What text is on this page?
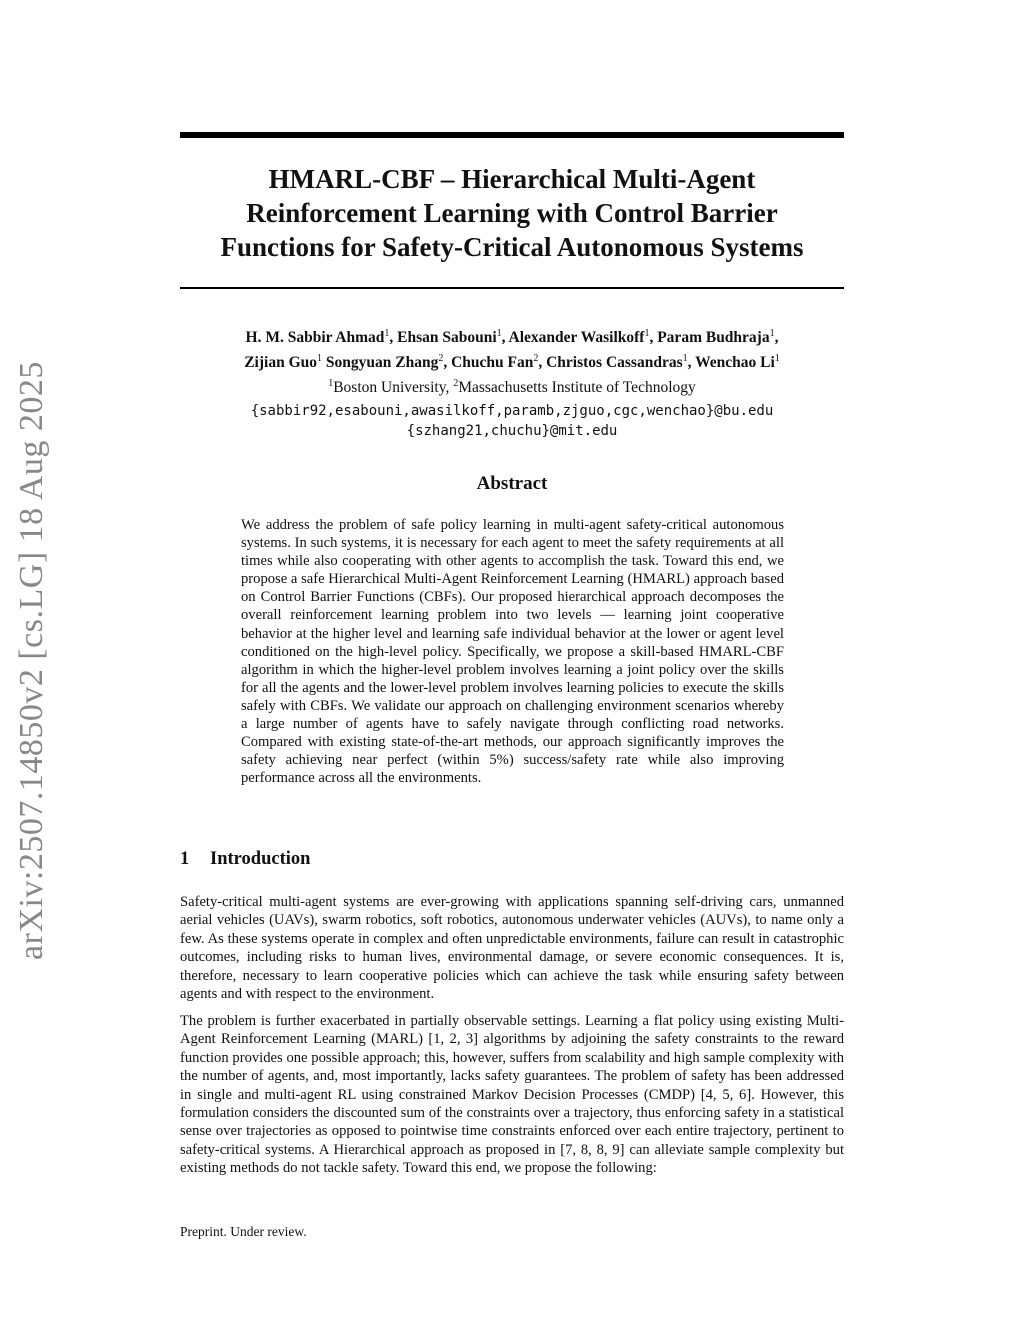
arXiv:2507.14850v2 [cs.LG] 18 Aug 2025
HMARL-CBF – Hierarchical Multi-Agent
Reinforcement Learning with Control Barrier
Functions for Safety-Critical Autonomous Systems
H. M. Sabbir Ahmad$^1$, Ehsan Sabouni$^1$, Alexander Wasilkoff$^1$, Param Budhraja$^1$,
Zijian Guo$^1$ Songyuan Zhang$^2$, Chuchu Fan$^2$, Christos Cassandras$^1$, Wenchao Li$^1$
$^1$Boston University, $^2$Massachusetts Institute of Technology
{sabbir92,esabouni,awasilkoff,paramb,zjguo,cgc,wenchao}@bu.edu
{szhang21,chuchu}@mit.edu
Abstract
We address the problem of safe policy learning in multi-agent safety-critical autonomous systems. In such systems, it is necessary for each agent to meet the safety requirements at all times while also cooperating with other agents to accomplish the task. Toward this end, we propose a safe Hierarchical Multi-Agent Reinforcement Learning (HMARL) approach based on Control Barrier Functions (CBFs). Our proposed hierarchical approach decomposes the overall reinforcement learning problem into two levels — learning joint cooperative behavior at the higher level and learning safe individual behavior at the lower or agent level conditioned on the high-level policy. Specifically, we propose a skill-based HMARL-CBF algorithm in which the higher-level problem involves learning a joint policy over the skills for all the agents and the lower-level problem involves learning policies to execute the skills safely with CBFs. We validate our approach on challenging environment scenarios whereby a large number of agents have to safely navigate through conflicting road networks. Compared with existing state-of-the-art methods, our approach significantly improves the safety achieving near perfect (within 5%) success/safety rate while also improving performance across all the environments.
1 Introduction
Safety-critical multi-agent systems are ever-growing with applications spanning self-driving cars, unmanned aerial vehicles (UAVs), swarm robotics, soft robotics, autonomous underwater vehicles (AUVs), to name only a few. As these systems operate in complex and often unpredictable environments, failure can result in catastrophic outcomes, including risks to human lives, environmental damage, or severe economic consequences. It is, therefore, necessary to learn cooperative policies which can achieve the task while ensuring safety between agents and with respect to the environment.
The problem is further exacerbated in partially observable settings. Learning a flat policy using existing Multi-Agent Reinforcement Learning (MARL) [1, 2, 3] algorithms by adjoining the safety constraints to the reward function provides one possible approach; this, however, suffers from scalability and high sample complexity with the number of agents, and, most importantly, lacks safety guarantees. The problem of safety has been addressed in single and multi-agent RL using constrained Markov Decision Processes (CMDP) [4, 5, 6]. However, this formulation considers the discounted sum of the constraints over a trajectory, thus enforcing safety in a statistical sense over trajectories as opposed to pointwise time constraints enforced over each entire trajectory, pertinent to safety-critical systems. A Hierarchical approach as proposed in [7, 8, 8, 9] can alleviate sample complexity but existing methods do not tackle safety. Toward this end, we propose the following:
Preprint. Under review.
